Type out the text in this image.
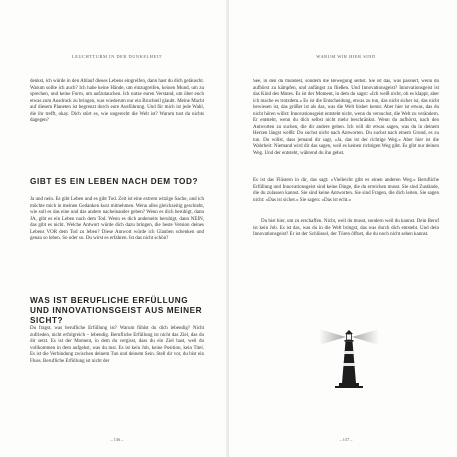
LEUCHTTURM IN DER DUNKELHEIT

denkst, ich würde in den Ablauf dieses Lebens eingreifen, dann hast du dich getäuscht. Warum sollte ich auch? Ich habe keine Hände, um einzugreifen, keinen Mund, um zu sprechen, und keine Form, um aufzutauchen. Ich nutze euren Verstand, um über euch etwas zum Ausdruck zu bringen, was wiederum nur ein Bruchteil glaubt. Meine Macht auf diesem Planeten ist begrenzt durch eure Ausführung. Und für mich ist jede Wahl, die ihr trefft, okay. Dich stört es, wie ungerecht die Welt ist? Warum tust du nichts dagegen?

GIBT ES EIN LEBEN NACH DEM TOD?

Ja und nein. Es gibt Leben und es gibt Tod. Zeit ist eine extrem witzige Sache, und ich möchte mich in meinen Gedanken kurz mitnehmen. Wenn alles gleichzeitig geschieht, wie soll es das eine und das andere nacheinander geben? Wenn es dich beruhigt, dann JA, gibt es ein Leben nach dem Tod. Wenn es dich anderseits beruhigt, dann NEIN, das gibt es nicht. Welche Antwort würde dich dazu bringen, die beste Version deines Lebens VOR dem Tod zu leben? Diese Antwort würde ich Glauben schenken und genau so leben. So oder so. Du wirst es erfahren. Ist das nicht schön?

WAS IST BERUFLICHE ERFÜLLUNG UND INNOVATIONSGEIST AUS MEINER SICHT?

Du fragst, was berufliche Erfüllung ist? Warum fühlst du dich lebendig? Nicht zufrieden, nicht erfolgreich – lebendig. Berufliche Erfüllung ist nicht das Ziel, das du dir setzt. Es ist der Moment, in dem du vergisst, dass du ein Ziel hast, weil du vollkommen in dem aufgehst, was du tust. Es ist kein Job, keine Position, kein Titel. Es ist die Verbindung zwischen deinem Tun und deinem Sein. Stell dir vor, du bist ein Fluss. Berufliche Erfüllung ist nicht der

– 136 –
WARUM WIR HIER SIND

See, in den du mündest, sondern die Bewegung selbst. Sie ist das, was passiert, wenn du aufhörst zu kämpfen, und anfängst zu fließen. Und Innovationsgeist? Innovationsgeist ist das Kind des Mutes. Es ist der Moment, in dem du sagst: »Ich weiß nicht, ob es klappt, aber ich mache es trotzdem.« Es ist die Entscheidung, etwas zu tun, das nicht sicher ist, das nicht bewiesen ist, das größer ist als das, was die Welt bisher kennt. Aber hier ist etwas, das du nicht hören willst: Innovationsgeist entsteht nicht, wenn du versuchst, die Welt zu verändern. Er entsteht, wenn du dich selbst nicht mehr beschränkst. Wenn du aufhörst, nach den Antworten zu suchen, die dir andere geben. Ich will dir etwas sagen, was du in deinem Herzen längst weißt: Du suchst nicht nach Antworten. Du suchst nach einem Grund, es zu tun. Du willst, dass jemand dir sagt, »Ja, das ist der richtige Weg.« Aber hier ist die Wahrheit: Niemand wird dir das sagen, weil es keinen richtigen Weg gibt. Es gibt nur deinen Weg. Und der entsteht, während du ihn gehst.

Es ist das Flüstern in dir, das sagt: »Vielleicht gibt es einen anderen Weg.« Berufliche Erfüllung und Innovationsgeist sind keine Dinge, die du erreichen musst. Sie sind Zustände, die du zulassen kannst. Sie sind keine Antworten. Sie sind Fragen, die dich leiten. Sie sagen nicht: »Das ist sicher.« Sie sagen: »Das ist echt.«

Du bist hier, um zu erschaffen. Nicht, weil du musst, sondern weil du kannst. Dein Beruf ist kein Job. Es ist das, was du in die Welt bringst, das was durch dich entsteht. Und dein Innovationsgeist? Er ist der Schlüssel, der Türen öffnet, die du noch nicht sehen kannst.

– 137 –
